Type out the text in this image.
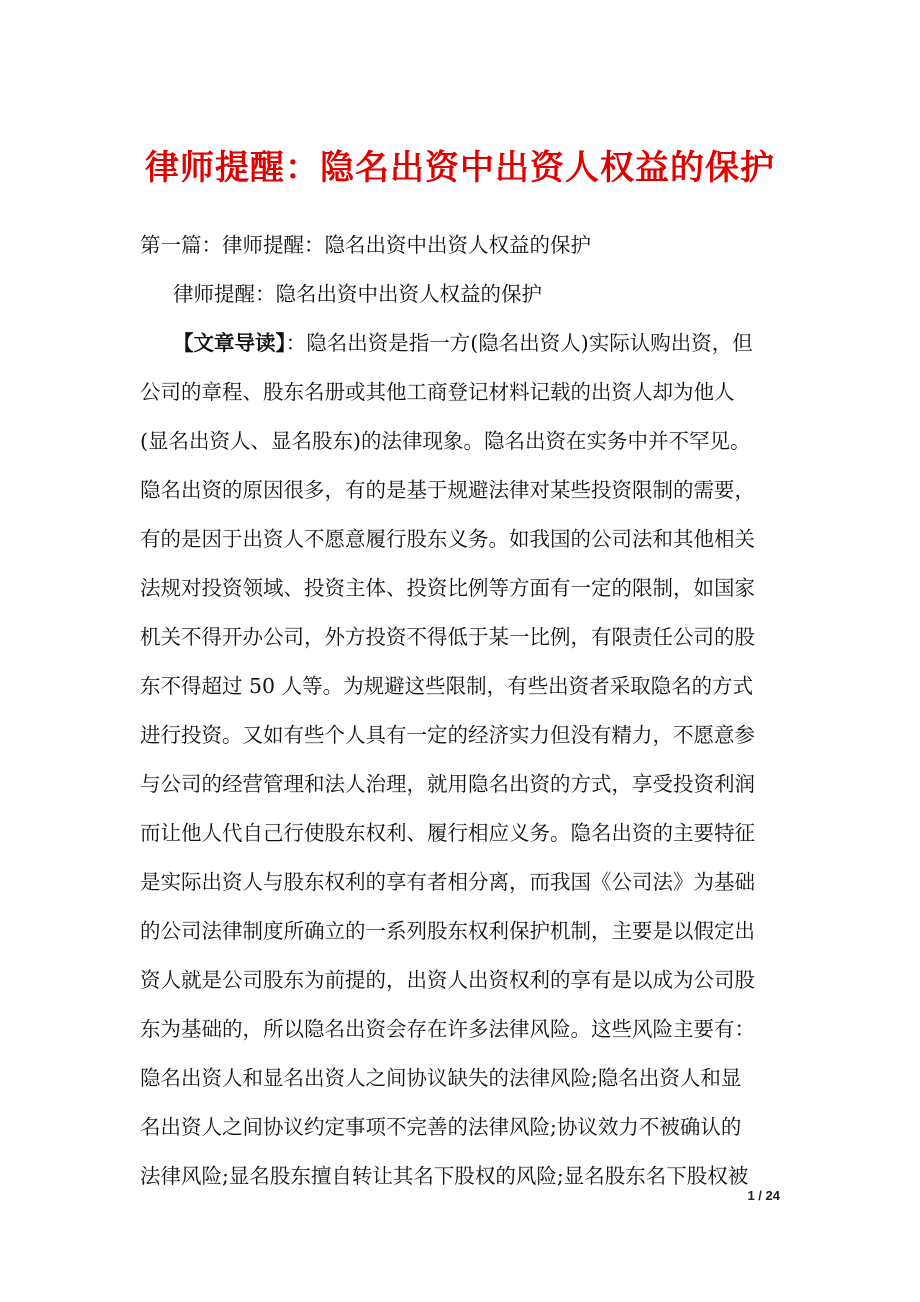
律师提醒：隐名出资中出资人权益的保护

第一篇：律师提醒：隐名出资中出资人权益的保护

律师提醒：隐名出资中出资人权益的保护

【文章导读】：隐名出资是指一方(隐名出资人)实际认购出资，但
公司的章程、股东名册或其他工商登记材料记载的出资人却为他人
(显名出资人、显名股东)的法律现象。隐名出资在实务中并不罕见。
隐名出资的原因很多，有的是基于规避法律对某些投资限制的需要，
有的是因于出资人不愿意履行股东义务。如我国的公司法和其他相关
法规对投资领域、投资主体、投资比例等方面有一定的限制，如国家
机关不得开办公司，外方投资不得低于某一比例，有限责任公司的股
东不得超过 50 人等。为规避这些限制，有些出资者采取隐名的方式
进行投资。又如有些个人具有一定的经济实力但没有精力，不愿意参
与公司的经营管理和法人治理，就用隐名出资的方式，享受投资利润
而让他人代自己行使股东权利、履行相应义务。隐名出资的主要特征
是实际出资人与股东权利的享有者相分离，而我国《公司法》为基础
的公司法律制度所确立的一系列股东权利保护机制，主要是以假定出
资人就是公司股东为前提的，出资人出资权利的享有是以成为公司股
东为基础的，所以隐名出资会存在许多法律风险。这些风险主要有：
隐名出资人和显名出资人之间协议缺失的法律风险;隐名出资人和显
名出资人之间协议约定事项不完善的法律风险;协议效力不被确认的
法律风险;显名股东擅自转让其名下股权的风险;显名股东名下股权被
1 / 24
